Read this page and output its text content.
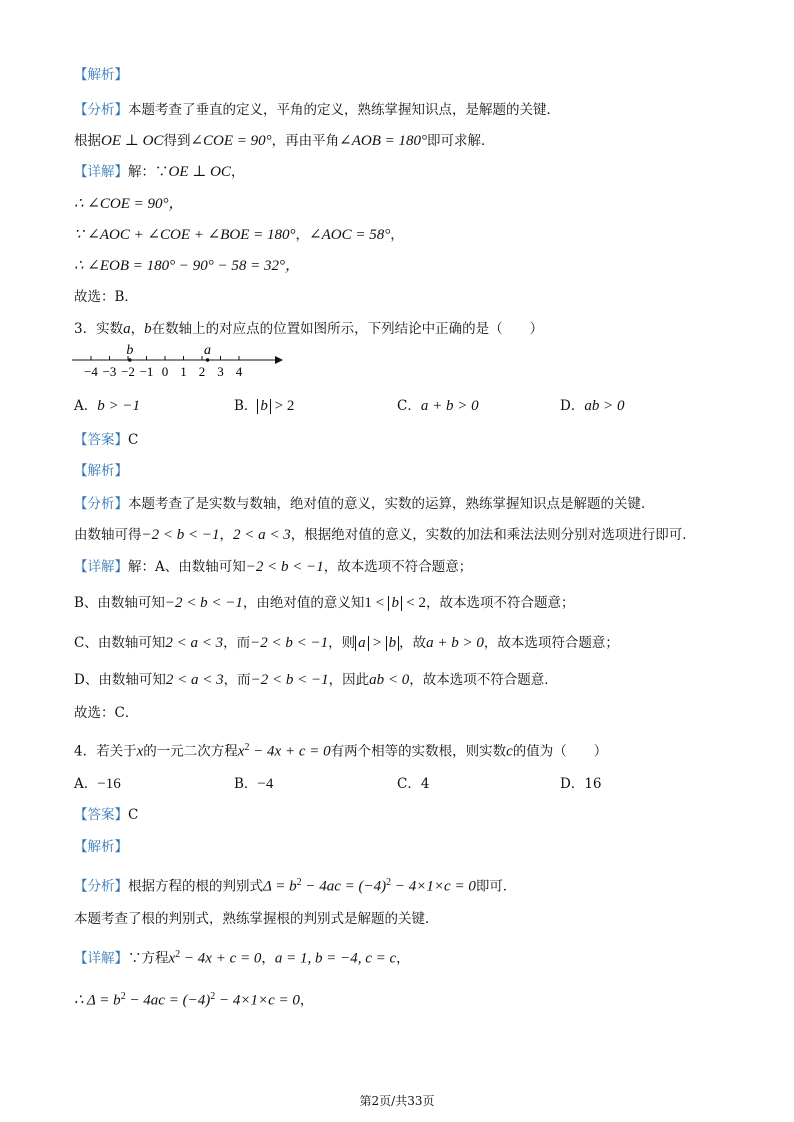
【解析】
【分析】本题考查了垂直的定义，平角的定义，熟练掌握知识点，是解题的关键．
根据OE ⊥ OC得到∠COE = 90°，再由平角∠AOB = 180°即可求解．
【详解】解：∵OE ⊥ OC，
∴ ∠COE = 90°，
∵ ∠AOC + ∠COE + ∠BOE = 180°，∠AOC = 58°，
∴ ∠EOB = 180° − 90° − 58 = 32°，
故选：B．
3．实数a，b在数轴上的对应点的位置如图所示，下列结论中正确的是（　　）
−4 −3 −2 −1 0 1 2 3 4
b	a
A．b > −1	B． b > 2	C．a + b > 0	D．ab > 0
【答案】C
【解析】
【分析】本题考查了是实数与数轴，绝对值的意义，实数的运算，熟练掌握知识点是解题的关键．
由数轴可得−2 < b < −1，2 < a < 3，根据绝对值的意义，实数的加法和乘法法则分别对选项进行即可．
【详解】解：A、由数轴可知−2 < b < −1，故本选项不符合题意；
B、由数轴可知−2 < b < −1，由绝对值的意义知1 < b < 2，故本选项不符合题意；
C、由数轴可知2 < a < 3，而−2 < b < −1，则 a > b ，故a + b > 0，故本选项符合题意；
D、由数轴可知2 < a < 3，而−2 < b < −1，因此ab < 0，故本选项不符合题意．
故选：C．
4．若关于x的一元二次方程$x^2 - 4x + c = 0$有两个相等的实数根，则实数c的值为（　　）
A．−16	B．−4	C．4	D．16
【答案】C
【解析】
【分析】根据方程的根的判别式$\Delta = b^2 - 4ac = (-4)^2 - 4\times 1\times c = 0$即可．
本题考查了根的判别式，熟练掌握根的判别式是解题的关键．
【详解】∵方程$x^2 - 4x + c = 0$，a = 1, b = −4, c = c，
∴ $\Delta = b^2 - 4ac = (-4)^2 - 4\times 1\times c = 0$，
第2页/共33页
